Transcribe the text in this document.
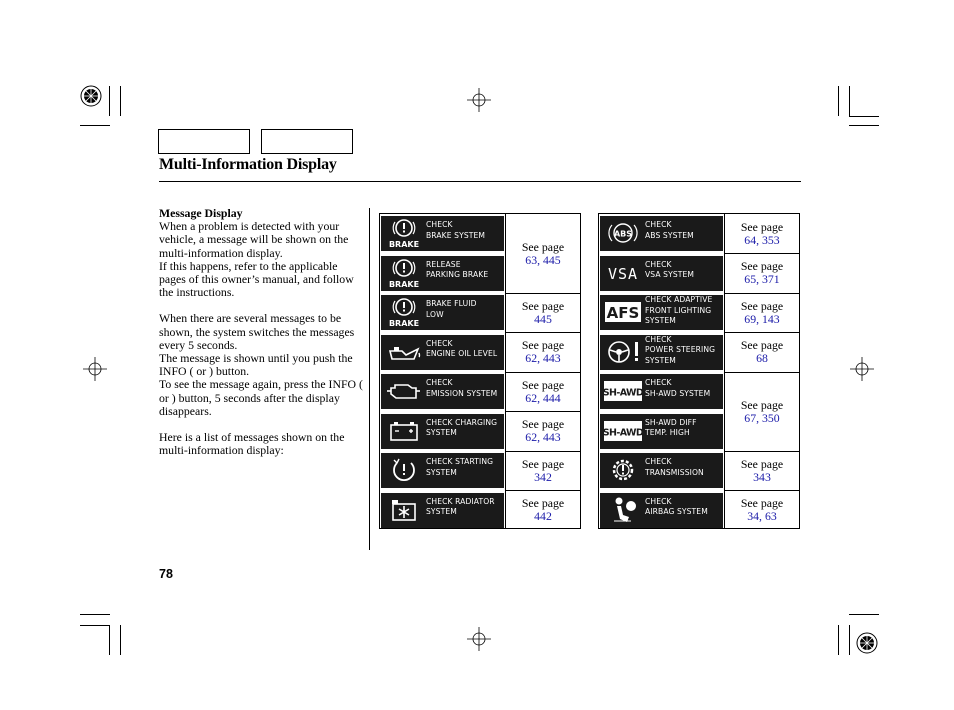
Multi-Information Display

Message Display

When a problem is detected with your vehicle, a message will be shown on the multi-information display.

If this happens, refer to the applicable pages of this owner’s manual, and follow the instructions.

When there are several messages to be shown, the system switches the messages every 5 seconds.

The message is shown until you push the INFO ( or ) button.

To see the message again, press the INFO ( or ) button, 5 seconds after the display disappears.

Here is a list of messages shown on the multi-information display:

BRAKE
CHECK
BRAKE SYSTEM
BRAKE
RELEASE
PARKING BRAKE
BRAKE
BRAKE FLUID
LOW
CHECK
ENGINE OIL LEVEL
CHECK
EMISSION SYSTEM
CHECK CHARGING
SYSTEM
CHECK STARTING
SYSTEM
CHECK RADIATOR
SYSTEM
See page
63, 445
See page
445
See page
62, 443
See page
62, 444
See page
62, 443
See page
342
See page
442
ABS
CHECK
ABS SYSTEM
VSA
CHECK
VSA SYSTEM
AFS
CHECK ADAPTIVE
FRONT LIGHTING
SYSTEM
CHECK
POWER STEERING
SYSTEM
SH-AWD
CHECK
SH-AWD SYSTEM
SH-AWD
SH-AWD DIFF
TEMP. HIGH
CHECK
TRANSMISSION
CHECK
AIRBAG SYSTEM
See page
64, 353
See page
65, 371
See page
69, 143
See page
68
See page
67, 350
See page
343
See page
34, 63
78
